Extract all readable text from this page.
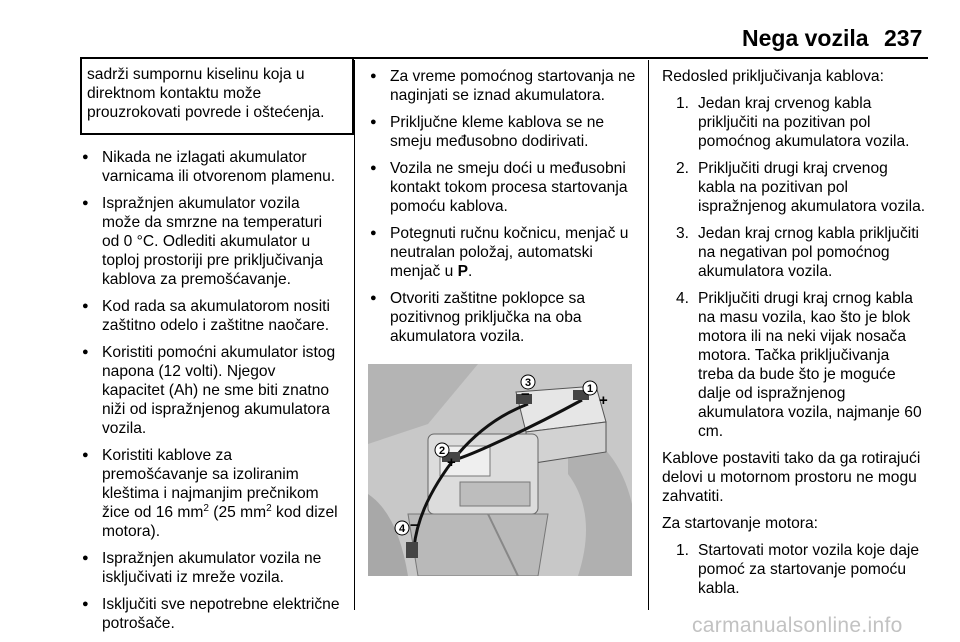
Nega vozila 237
sadrži sumpornu kiselinu koja u direktnom kontaktu može prouzrokovati povrede i oštećenja.
● Nikada ne izlagati akumulator varnicama ili otvorenom plamenu.
● Ispražnjen akumulator vozila može da smrzne na temperaturi od 0 °C. Odlediti akumulator u toploj prostoriji pre priključivanja kablova za premošćavanje.
● Kod rada sa akumulatorom nositi zaštitno odelo i zaštitne naočare.
● Koristiti pomoćni akumulator istog napona (12 volti). Njegov kapacitet (Ah) ne sme biti znatno niži od ispražnjenog akumulatora vozila.
● Koristiti kablove za premošćavanje sa izoliranim kleštima i najmanjim prečnikom žice od 16 $mm^2$ (25 $mm^2$ kod dizel motora).
● Ispražnjen akumulator vozila ne isključivati iz mreže vozila.
● Isključiti sve nepotrebne električne potrošače.
● Za vreme pomoćnog startovanja ne naginjati se iznad akumulatora.
● Priključne kleme kablova se ne smeju međusobno dodirivati.
● Vozila ne smeju doći u međusobni kontakt tokom procesa startovanja pomoću kablova.
● Potegnuti ručnu kočnicu, menjač u neutralan položaj, automatski menjač u P.
● Otvoriti zaštitne poklopce sa pozitivnog priključka na oba akumulatora vozila.
1
+
2
+
3
−
4 −

Redosled priključivanja kablova:

1. Jedan kraj crvenog kabla priključiti na pozitivan pol pomoćnog akumulatora vozila.
2. Priključiti drugi kraj crvenog kabla na pozitivan pol ispražnjenog akumulatora vozila.
3. Jedan kraj crnog kabla priključiti na negativan pol pomoćnog akumulatora vozila.
4. Priključiti drugi kraj crnog kabla na masu vozila, kao što je blok motora ili na neki vijak nosača motora. Tačka priključivanja treba da bude što je moguće dalje od ispražnjenog akumulatora vozila, najmanje 60 cm.

Kablove postaviti tako da ga rotirajući delovi u motornom prostoru ne mogu zahvatiti.

Za startovanje motora:

1. Startovati motor vozila koje daje pomoć za startovanje pomoću kabla.
carmanualsonline.info
